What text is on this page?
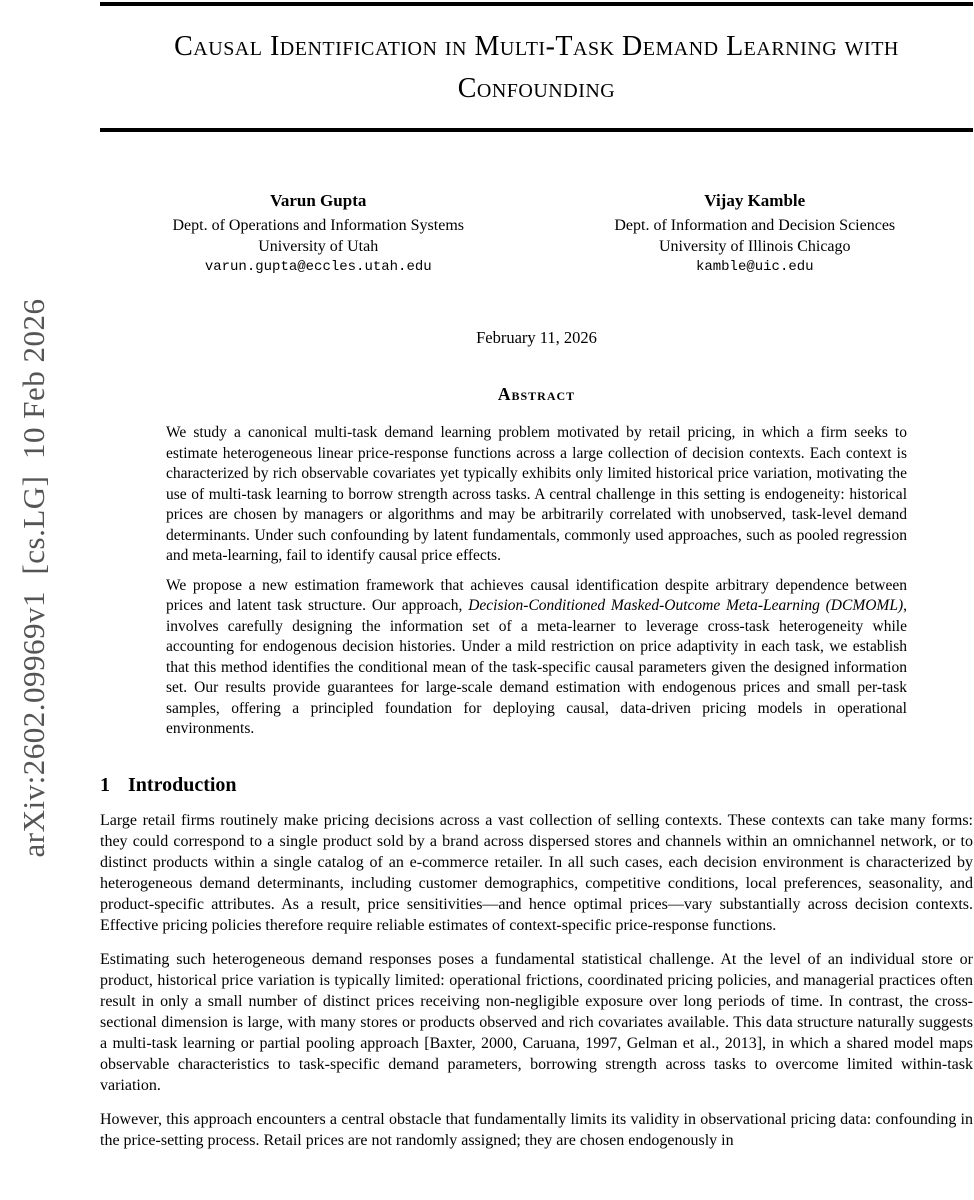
arXiv:2602.09969v1  [cs.LG]  10 Feb 2026
Causal Identification in Multi-Task Demand Learning with Confounding
Varun Gupta
Dept. of Operations and Information Systems
University of Utah
varun.gupta@eccles.utah.edu
Vijay Kamble
Dept. of Information and Decision Sciences
University of Illinois Chicago
kamble@uic.edu
February 11, 2026
Abstract

We study a canonical multi-task demand learning problem motivated by retail pricing, in which a firm seeks to estimate heterogeneous linear price-response functions across a large collection of decision contexts. Each context is characterized by rich observable covariates yet typically exhibits only limited historical price variation, motivating the use of multi-task learning to borrow strength across tasks. A central challenge in this setting is endogeneity: historical prices are chosen by managers or algorithms and may be arbitrarily correlated with unobserved, task-level demand determinants. Under such confounding by latent fundamentals, commonly used approaches, such as pooled regression and meta-learning, fail to identify causal price effects.

We propose a new estimation framework that achieves causal identification despite arbitrary dependence between prices and latent task structure. Our approach, Decision-Conditioned Masked-Outcome Meta-Learning (DCMOML), involves carefully designing the information set of a meta-learner to leverage cross-task heterogeneity while accounting for endogenous decision histories. Under a mild restriction on price adaptivity in each task, we establish that this method identifies the conditional mean of the task-specific causal parameters given the designed information set. Our results provide guarantees for large-scale demand estimation with endogenous prices and small per-task samples, offering a principled foundation for deploying causal, data-driven pricing models in operational environments.

1 Introduction

Large retail firms routinely make pricing decisions across a vast collection of selling contexts. These contexts can take many forms: they could correspond to a single product sold by a brand across dispersed stores and channels within an omnichannel network, or to distinct products within a single catalog of an e-commerce retailer. In all such cases, each decision environment is characterized by heterogeneous demand determinants, including customer demographics, competitive conditions, local preferences, seasonality, and product-specific attributes. As a result, price sensitivities—and hence optimal prices—vary substantially across decision contexts. Effective pricing policies therefore require reliable estimates of context-specific price-response functions.

Estimating such heterogeneous demand responses poses a fundamental statistical challenge. At the level of an individual store or product, historical price variation is typically limited: operational frictions, coordinated pricing policies, and managerial practices often result in only a small number of distinct prices receiving non-negligible exposure over long periods of time. In contrast, the cross-sectional dimension is large, with many stores or products observed and rich covariates available. This data structure naturally suggests a multi-task learning or partial pooling approach [Baxter, 2000, Caruana, 1997, Gelman et al., 2013], in which a shared model maps observable characteristics to task-specific demand parameters, borrowing strength across tasks to overcome limited within-task variation.

However, this approach encounters a central obstacle that fundamentally limits its validity in observational pricing data: confounding in the price-setting process. Retail prices are not randomly assigned; they are chosen endogenously in
